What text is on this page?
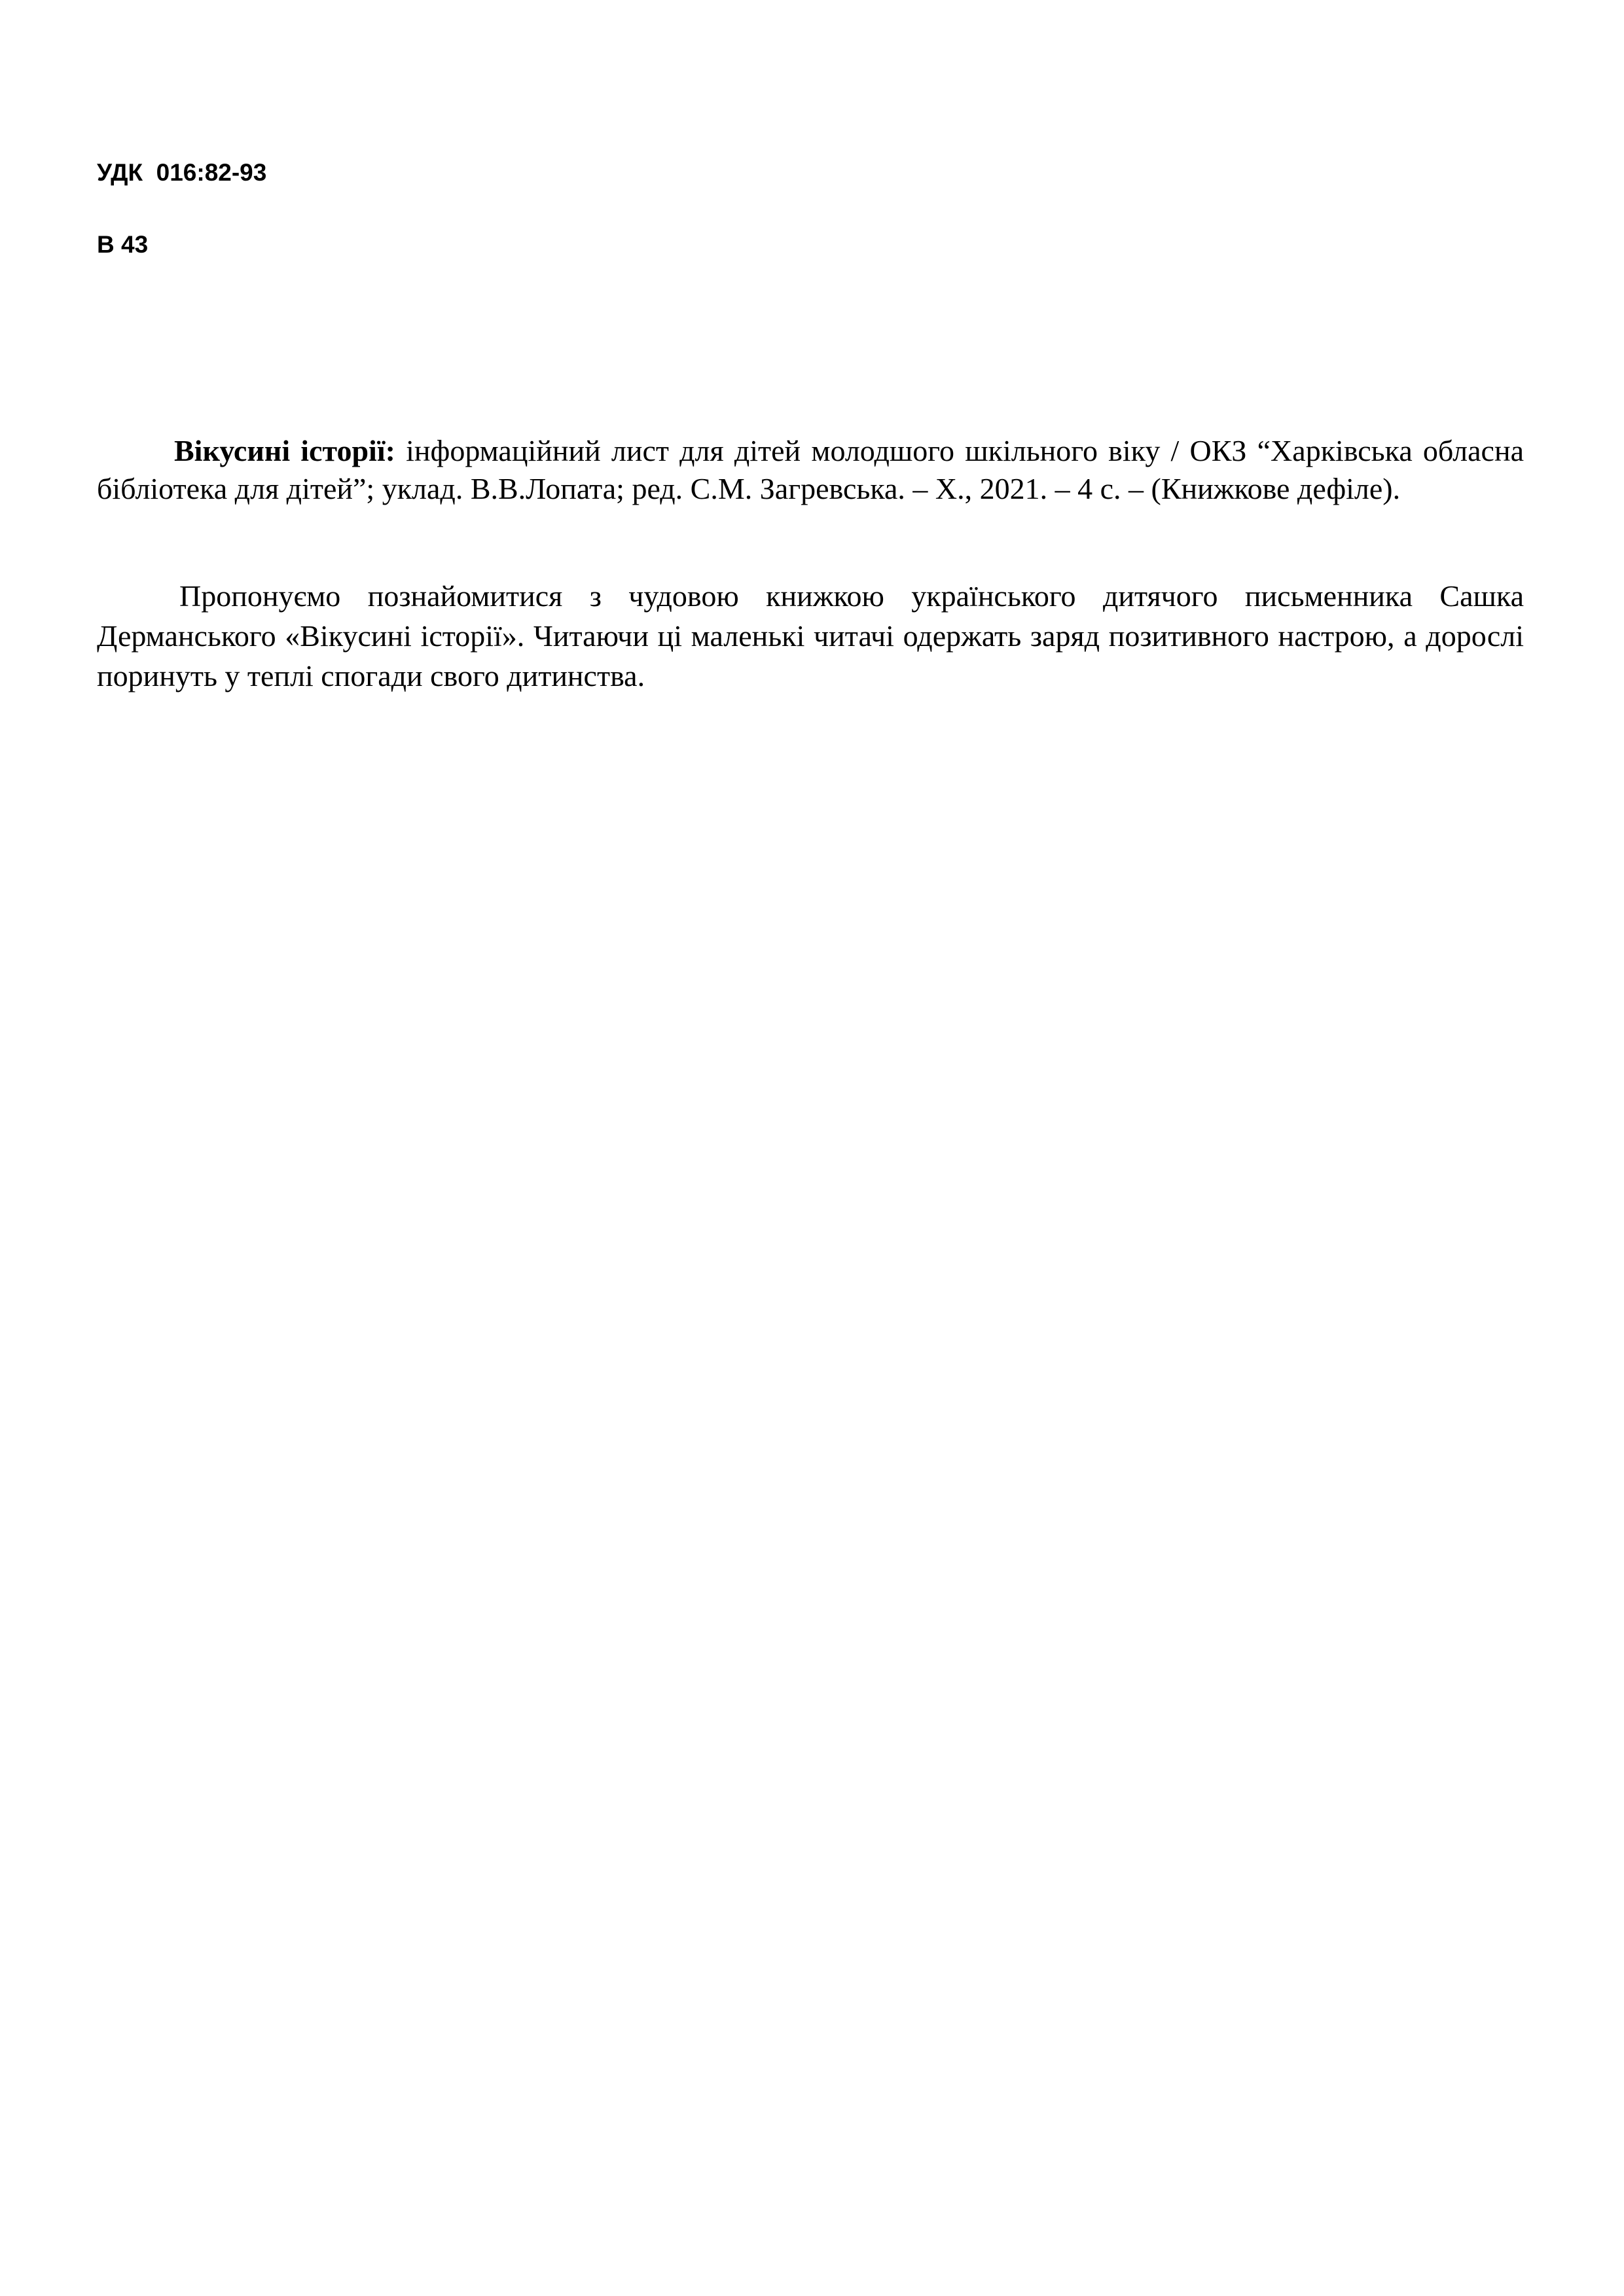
УДК  016:82-93
В 43

Вікусині історії: інформаційний лист для дітей молодшого шкільного віку / ОКЗ “Харківська обласна бібліотека для дітей”; уклад. В.В.Лопата; ред. С.М. Загревська. – Х., 2021. – 4 с. – (Книжкове дефіле).

Пропонуємо познайомитися з чудовою книжкою українського дитячого письменника Сашка Дерманського «Вікусині історії». Читаючи ці маленькі читачі одержать заряд позитивного настрою, а дорослі поринуть у теплі спогади свого дитинства.
